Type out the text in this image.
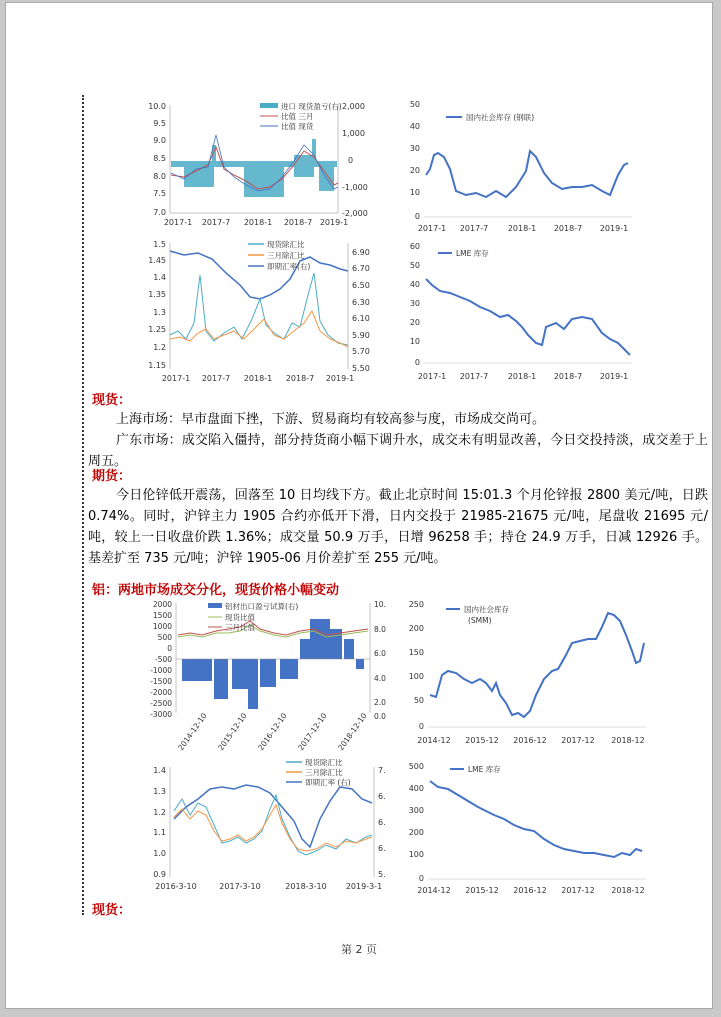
10.0
9.5
9.0
8.5
8.0
7.5
7.0
2,000
1,000
0
-1,000
-2,000
2017-1 2017-7 2018-1 2018-7 2019-1
进口 现货盈亏(右)
比值 三月
比值 现货
50
40
30
20
10
0
2017-1 2017-7 2018-1 2018-7 2019-1
国内社会库存 (钢联)
1.5
1.45
1.4
1.35
1.3
1.25
1.2
1.15
6.90
6.70
6.50
6.30
6.10
5.90
5.70
5.50
2017-1 2017-7 2018-1 2018-7 2019-1
现货除汇比
三月除汇比
即期汇率(右)
60
50
40
30
20
10
0
2017-1 2017-7 2018-1 2018-7 2019-1
LME 库存
现货：
上海市场：早市盘面下挫，下游、贸易商均有较高参与度，市场成交尚可。
广东市场：成交陷入僵持，部分持货商小幅下调升水，成交未有明显改善，今日交投持淡，成交差于上周五。
期货：
今日伦锌低开震荡，回落至 10 日均线下方。截止北京时间 15:01.3 个月伦锌报 2800 美元/吨，日跌 0.74%。同时，沪锌主力 1905 合约亦低开下滑，日内交投于 21985-21675 元/吨，尾盘收 21695 元/吨，较上一日收盘价跌 1.36%；成交量 50.9 万手，日增 96258 手；持仓 24.9 万手，日减 12926 手。基差扩至 735 元/吨；沪锌 1905-06 月价差扩至 255 元/吨。
铝：两地市场成交分化，现货价格小幅变动
2000
1500
1000
500
0
-500
-1000
-1500
-2000
-2500
-3000
10.
8.0
6.0
4.0
2.0
0.0
2014-12-10 2015-12-10 2016-12-10 2017-12-10 2018-12-10
铝材出口盈亏试算(右)
现货比值
三月比值
250
200
150
100
50
0
2014-12 2015-12 2016-12 2017-12 2018-12
国内社会库存
(SMM)
1.4
1.3
1.2
1.1
1.0
0.9
7.
6.
6.
6.
5.
2016-3-10	2017-3-10	2018-3-10 2019-3-1
现货除汇比
三月除汇比
即期汇率 (右)
500
400
300
200
100
0
2014-12 2015-12 2016-12 2017-12 2018-12
LME 库存
现货：
第 2 页
